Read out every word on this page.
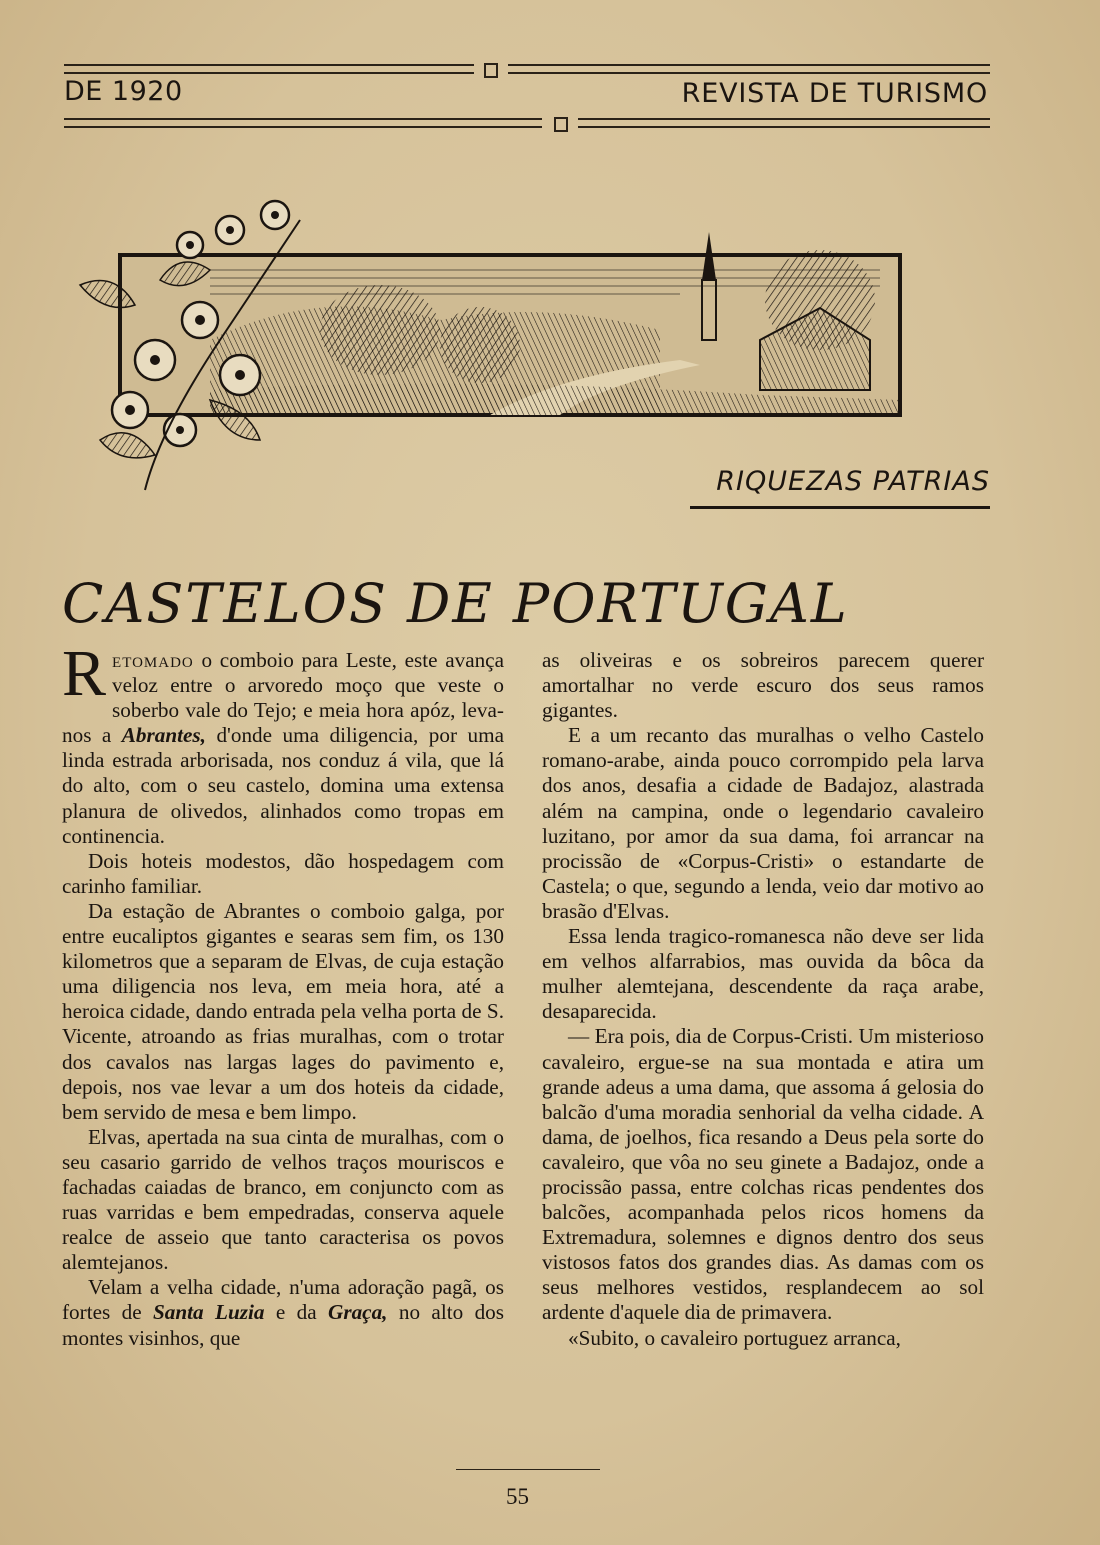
DE 1920	REVISTA DE TURISMO
RIQUEZAS PATRIAS
CASTELOS DE PORTUGAL

Retomado o comboio para Leste, este avança veloz entre o arvoredo moço que veste o soberbo vale do Tejo; e meia hora apóz, leva-nos a Abrantes, d'onde uma diligencia, por uma linda estrada arborisada, nos conduz á vila, que lá do alto, com o seu castelo, domina uma extensa planura de olivedos, alinhados como tropas em continencia.

Dois hoteis modestos, dão hospedagem com carinho familiar.

Da estação de Abrantes o comboio galga, por entre eucaliptos gigantes e searas sem fim, os 130 kilometros que a separam de Elvas, de cuja estação uma diligencia nos leva, em meia hora, até a heroica cidade, dando entrada pela velha porta de S. Vicente, atroando as frias muralhas, com o trotar dos cavalos nas largas lages do pavimento e, depois, nos vae levar a um dos hoteis da cidade, bem servido de mesa e bem limpo.

Elvas, apertada na sua cinta de muralhas, com o seu casario garrido de velhos traços mouriscos e fachadas caiadas de branco, em conjuncto com as ruas varridas e bem empedradas, conserva aquele realce de asseio que tanto caracterisa os povos alemtejanos.

Velam a velha cidade, n'uma adoração pagã, os fortes de Santa Luzia e da Graça, no alto dos montes visinhos, que

as oliveiras e os sobreiros parecem querer amortalhar no verde escuro dos seus ramos gigantes.

E a um recanto das muralhas o velho Castelo romano-arabe, ainda pouco corrompido pela larva dos anos, desafia a cidade de Badajoz, alastrada além na campina, onde o legendario cavaleiro luzitano, por amor da sua dama, foi arrancar na procissão de «Corpus-Cristi» o estandarte de Castela; o que, segundo a lenda, veio dar motivo ao brasão d'Elvas.

Essa lenda tragico-romanesca não deve ser lida em velhos alfarrabios, mas ouvida da bôca da mulher alemtejana, descendente da raça arabe, desaparecida.

— Era pois, dia de Corpus-Cristi. Um misterioso cavaleiro, ergue-se na sua montada e atira um grande adeus a uma dama, que assoma á gelosia do balcão d'uma moradia senhorial da velha cidade. A dama, de joelhos, fica resando a Deus pela sorte do cavaleiro, que vôa no seu ginete a Badajoz, onde a procissão passa, entre colchas ricas pendentes dos balcões, acompanhada pelos ricos homens da Extremadura, solemnes e dignos dentro dos seus vistosos fatos dos grandes dias. As damas com os seus melhores vestidos, resplandecem ao sol ardente d'aquele dia de primavera.

«Subito, o cavaleiro portuguez arranca,

55
